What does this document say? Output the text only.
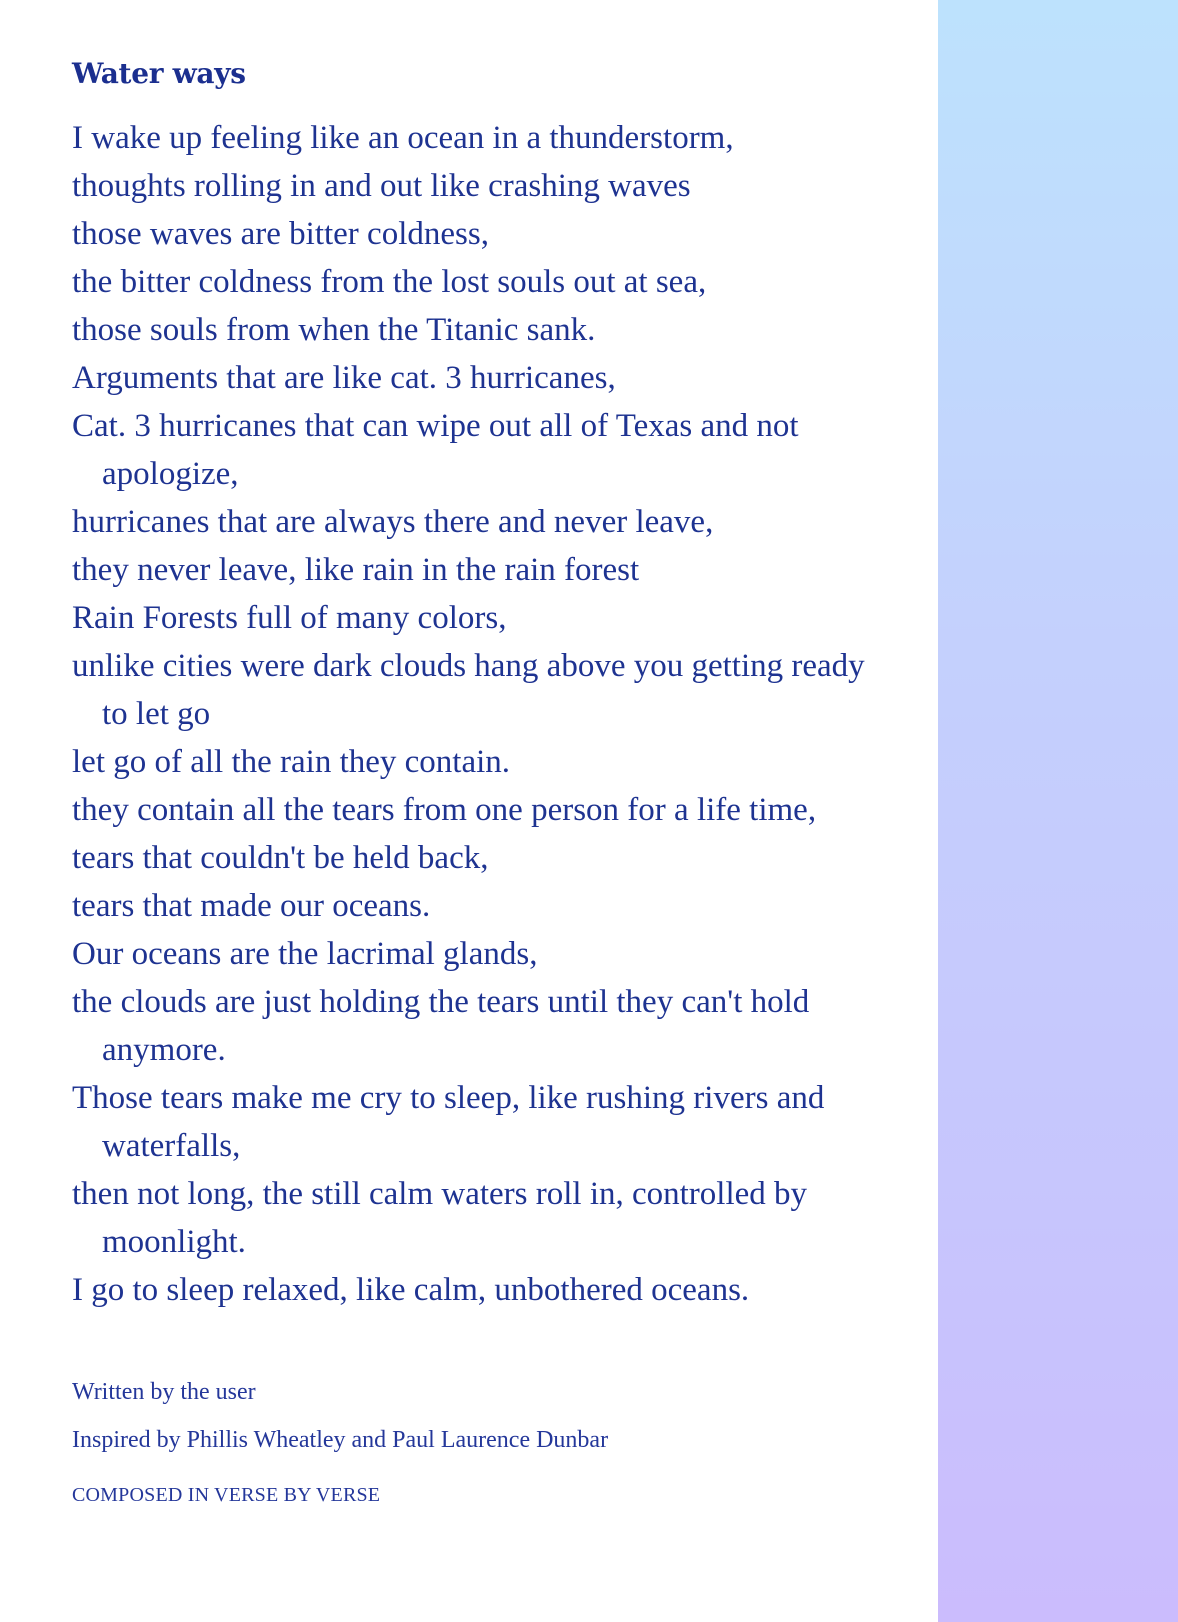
Water ways
I wake up feeling like an ocean in a thunderstorm,
thoughts rolling in and out like crashing waves
those waves are bitter coldness,
the bitter coldness from the lost souls out at sea,
those souls from when the Titanic sank.
Arguments that are like cat. 3 hurricanes,
Cat. 3 hurricanes that can wipe out all of Texas and not apologize,
hurricanes that are always there and never leave,
they never leave, like rain in the rain forest
Rain Forests full of many colors,
unlike cities were dark clouds hang above you getting ready to let go
let go of all the rain they contain.
they contain all the tears from one person for a life time,
tears that couldn't be held back,
tears that made our oceans.
Our oceans are the lacrimal glands,
the clouds are just holding the tears until they can't hold anymore.
Those tears make me cry to sleep, like rushing rivers and waterfalls,
then not long, the still calm waters roll in, controlled by moonlight.
I go to sleep relaxed, like calm, unbothered oceans.
Written by the user
Inspired by Phillis Wheatley and Paul Laurence Dunbar
COMPOSED IN VERSE BY VERSE
